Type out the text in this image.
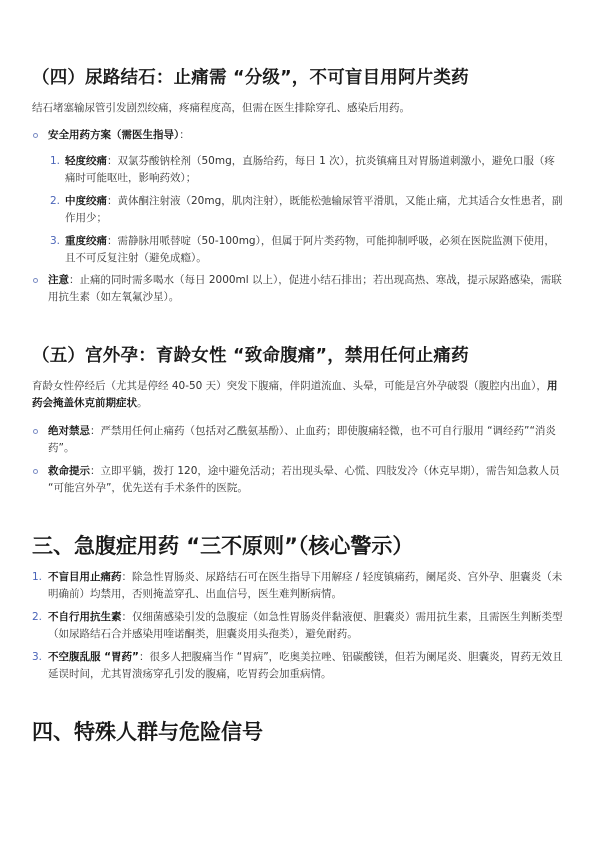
（四）尿路结石：止痛需 “分级”，不可盲目用阿片类药

结石堵塞输尿管引发剧烈绞痛，疼痛程度高，但需在医生排除穿孔、感染后用药。

安全用药方案（需医生指导）：
1. 轻度绞痛：双氯芬酸钠栓剂（50mg，直肠给药，每日 1 次），抗炎镇痛且对胃肠道刺激小，避免口服（疼痛时可能呕吐，影响药效）；
2. 中度绞痛：黄体酮注射液（20mg，肌肉注射），既能松弛输尿管平滑肌，又能止痛，尤其适合女性患者，副作用少；
3. 重度绞痛：需静脉用哌替啶（50-100mg），但属于阿片类药物，可能抑制呼吸，必须在医院监测下使用，且不可反复注射（避免成瘾）。
注意：止痛的同时需多喝水（每日 2000ml 以上），促进小结石排出；若出现高热、寒战，提示尿路感染，需联用抗生素（如左氧氟沙星）。
（五）宫外孕：育龄女性 “致命腹痛”，禁用任何止痛药

育龄女性停经后（尤其是停经 40-50 天）突发下腹痛，伴阴道流血、头晕，可能是宫外孕破裂（腹腔内出血），用药会掩盖休克前期症状。

绝对禁忌：严禁用任何止痛药（包括对乙酰氨基酚）、止血药；即使腹痛轻微，也不可自行服用 “调经药”“消炎药”。
救命提示：立即平躺，拨打 120，途中避免活动；若出现头晕、心慌、四肢发冷（休克早期），需告知急救人员 “可能宫外孕”，优先送有手术条件的医院。
三、急腹症用药 “三不原则”（核心警示）
1. 不盲目用止痛药：除急性胃肠炎、尿路结石可在医生指导下用解痉 / 轻度镇痛药，阑尾炎、宫外孕、胆囊炎（未明确前）均禁用，否则掩盖穿孔、出血信号，医生难判断病情。
2. 不自行用抗生素：仅细菌感染引发的急腹症（如急性胃肠炎伴黏液便、胆囊炎）需用抗生素，且需医生判断类型（如尿路结石合并感染用喹诺酮类，胆囊炎用头孢类），避免耐药。
3. 不空腹乱服 “胃药”：很多人把腹痛当作 “胃病”，吃奥美拉唑、铝碳酸镁，但若为阑尾炎、胆囊炎，胃药无效且延误时间，尤其胃溃疡穿孔引发的腹痛，吃胃药会加重病情。
四、特殊人群与危险信号
